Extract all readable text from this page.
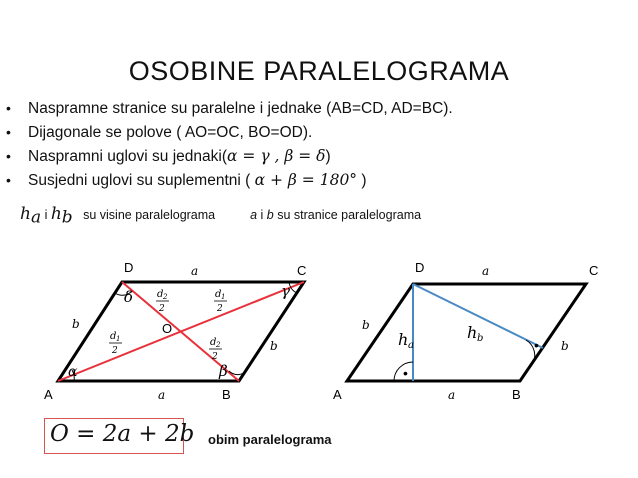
OSOBINE PARALELOGRAMA
• Naspramne stranice su paralelne i jednake (AB=CD, AD=BC).
• Dijagonale se polove ( AO=OC, BO=OD).
• Naspramni uglovi su jednaki(α = γ , β = δ)
• Susjedni uglovi su suplementni ( α + β = 180° )
$h_a$ i $h_b$ su visine paralelograma	a i b su stranice paralelograma
D	C
A	B
O
a
a
b
b
δ	γ
α	β
d 2
2
d 1
2
d 1
2
d 2
2
•
•
D	C
A	B
a
a
b
b
h a
h b
O = 2a + 2b obim paralelograma
